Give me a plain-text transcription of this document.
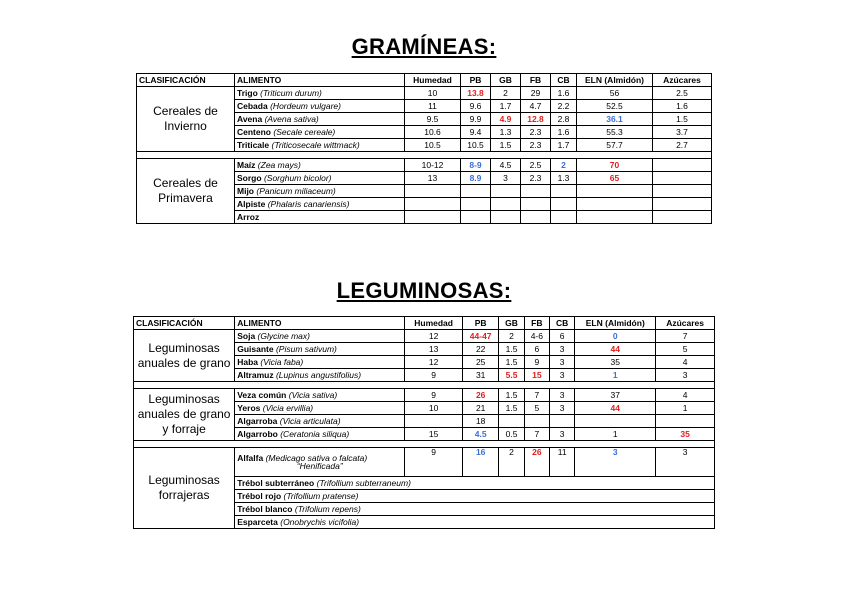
GRAMÍNEAS:
CLASIFICACIÓN	ALIMENTO	Humedad	PB	GB	FB	CB	ELN (Almidón)	Azúcares
Cereales de Invierno	Trigo (Triticum durum)	10	13.8	2	29	1.6	56	2.5
	Cebada (Hordeum vulgare)	11	9.6	1.7	4.7	2.2	52.5	1.6
	Avena (Avena sativa)	9.5	9.9	4.9	12.8	2.8	36.1	1.5
	Centeno (Secale cereale)	10.6	9.4	1.3	2.3	1.6	55.3	3.7
	Triticale (Triticosecale wittmack)	10.5	10.5	1.5	2.3	1.7	57.7	2.7

Cereales de Primavera	Maíz (Zea mays)	10-12	8-9	4.5	2.5	2	70	
	Sorgo (Sorghum bicolor)	13	8.9	3	2.3	1.3	65	
	Mijo (Panicum miliaceum)							
	Alpiste (Phalaris canariensis)							
	Arroz							
LEGUMINOSAS:
CLASIFICACIÓN	ALIMENTO	Humedad	PB	GB	FB	CB	ELN (Almidón)	Azúcares
Leguminosas anuales de grano	Soja (Glycine max)	12	44-47	2	4-6	6	0	7
	Guisante (Pisum sativum)	13	22	1.5	6	3	44	5
	Haba (Vicia faba)	12	25	1.5	9	3	35	4
	Altramuz (Lupinus angustifolius)	9	31	5.5	15	3	1	3

Leguminosas anuales de grano y forraje	Veza común (Vicia sativa)	9	26	1.5	7	3	37	4
	Yeros (Vicia ervillia)	10	21	1.5	5	3	44	1
	Algarroba (Vicia articulata)		18					
	Algarrobo (Ceratonia siliqua)	15	4.5	0.5	7	3	1	35

Leguminosas forrajeras	Alfalfa (Medicago sativa o falcata)
“Henificada”	9	16	2	26	11	3	3
	Trébol subterráneo (Trifollium subterraneum)							
	Trébol rojo (Trifollium pratense)							
	Trébol blanco (Trifolium repens)							
	Esparceta (Onobrychis vicifolia)							
